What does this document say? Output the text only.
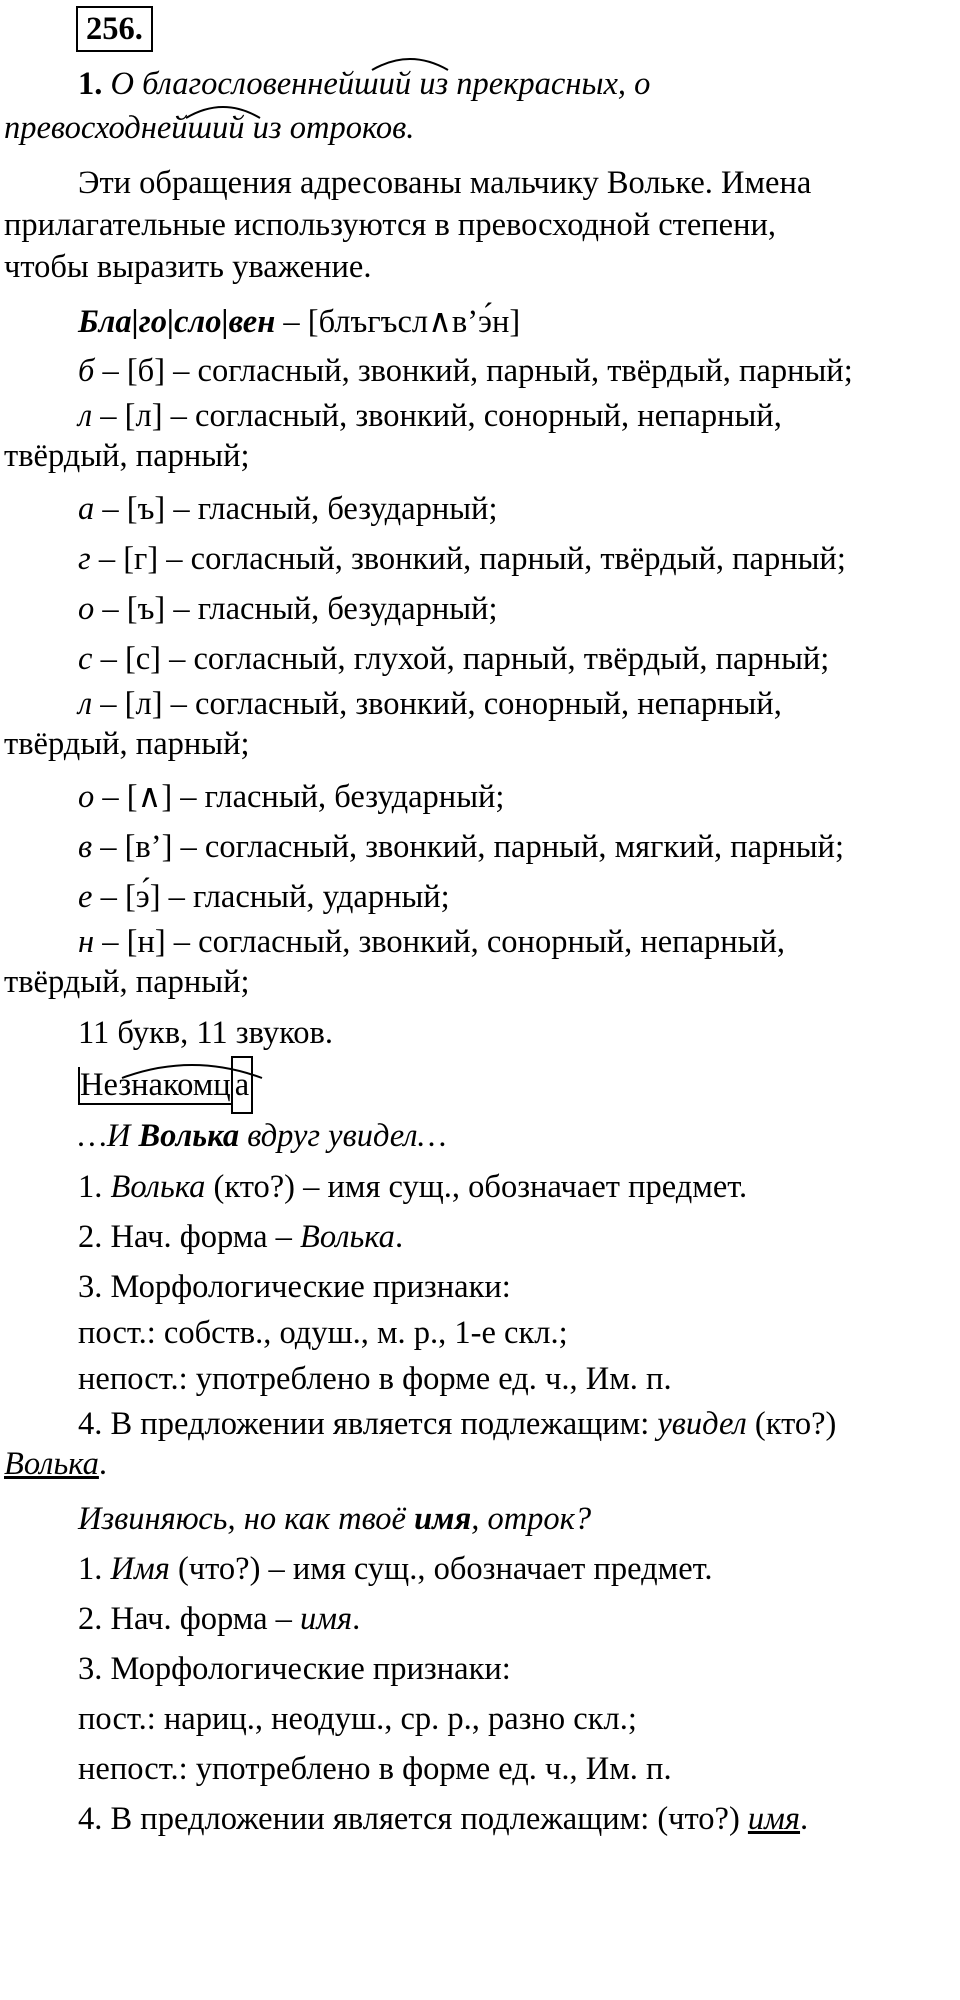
256.
1. О благословеннейший из прекрасных, о
превосходнейший из отроков.
Эти обращения адресованы мальчику Вольке. Имена
прилагательные используются в превосходной степени,
чтобы выразить уважение.
Бла|го|сло|вен – [блъгъсл∧в’э́н]
б – [б] – согласный, звонкий, парный, твёрдый, парный;
л – [л] – согласный, звонкий, сонорный, непарный,
твёрдый, парный;
а – [ъ] – гласный, безударный;
г – [г] – согласный, звонкий, парный, твёрдый, парный;
о – [ъ] – гласный, безударный;
с – [с] – согласный, глухой, парный, твёрдый, парный;
л – [л] – согласный, звонкий, сонорный, непарный,
твёрдый, парный;
о – [∧] – гласный, безударный;
в – [в’] – согласный, звонкий, парный, мягкий, парный;
е – [э́] – гласный, ударный;
н – [н] – согласный, звонкий, сонорный, непарный,
твёрдый, парный;
11 букв, 11 звуков.
Незнакомц а
…И Волька вдруг увидел…
1. Волька (кто?) – имя сущ., обозначает предмет.
2. Нач. форма – Волька.
3. Морфологические признаки:
пост.: собств., одуш., м. р., 1-е скл.;
непост.: употреблено в форме ед. ч., Им. п.
4. В предложении является подлежащим: увидел (кто?)
Волька.
Извиняюсь, но как твоё имя, отрок?
1. Имя (что?) – имя сущ., обозначает предмет.
2. Нач. форма – имя.
3. Морфологические признаки:
пост.: нариц., неодуш., ср. р., разно скл.;
непост.: употреблено в форме ед. ч., Им. п.
4. В предложении является подлежащим: (что?) имя.
